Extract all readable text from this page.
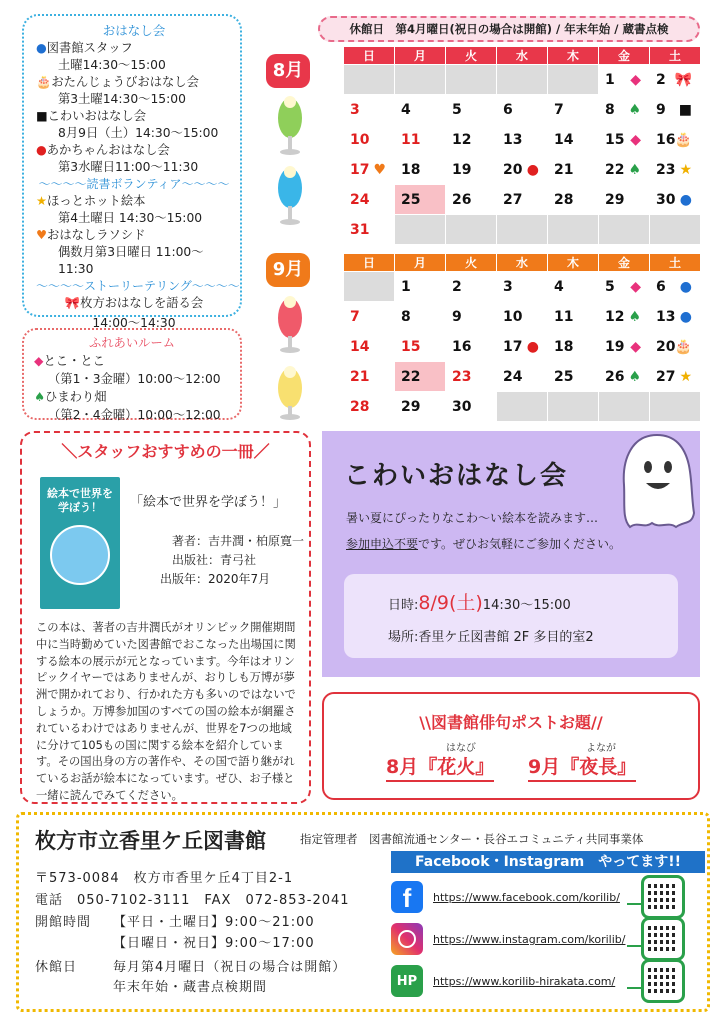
おはなし会
●図書館スタッフ
土曜14:30～15:00
🎂おたんじょうびおはなし会
第3土曜14:30～15:00
■こわいおはなし会
8月9日（土）14:30～15:00
●あかちゃんおはなし会
第3水曜日11:00～11:30
～～～～読書ボランティア～～～～
★ほっとホット絵本
第4土曜日 14:30～15:00
♥おはなしラソシド
偶数月第3日曜日 11:00～11:30
～～～～ストーリーテリング～～～～
🎀枚方おはなしを語る会
14:00～14:30
ふれあいルーム
◆とこ・とこ
（第1・3金曜）10:00～12:00
♠ひまわり畑
（第2・4金曜）10:00～12:00
休館日　第4月曜日(祝日の場合は開館) / 年末年始 / 蔵書点検
8月
9月
日	月	火	水	木	金	土
					1 ◆	2 🎀

3	4	5	6	7	8 ♠	9 ■

10	11	12	13	14	15 ◆	16 🎂

17 ♥	18	19	20 ●	21	22 ♠	23 ★

24	25	26	27	28	29	30 ●

31						
日	月	火	水	木	金	土
	1	2	3	4	5 ◆	6 ●

7	8	9	10	11	12 ♠	13 ●

14	15	16	17 ●	18	19 ◆	20 🎂

21	22	23	24	25	26 ♠	27 ★

28	29	30				
＼スタッフおすすめの一冊／
絵本で世界を学ぼう！	「絵本で世界を学ぼう！」
著者：吉井潤・柏原寛一
出版社：青弓社
出版年：2020年7月
この本は、著者の吉井潤氏がオリンピック開催期間中に当時勤めていた図書館でおこなった出場国に関する絵本の展示が元となっています。今年はオリンピックイヤーではありませんが、おりしも万博が夢洲で開かれており、行かれた方も多いのではないでしょうか。万博参加国のすべての国の絵本が網羅されているわけではありませんが、世界を7つの地域に分けて105もの国に関する絵本を紹介しています。その国出身の方の著作や、その国で語り継がれているお話が絵本になっています。ぜひ、お子様と一緒に読んでみてください。
こわいおはなし会
暑い夏にぴったりなこわ～い絵本を読みます…
参加申込不要です。ぜひお気軽にご参加ください。
日時:8/9(土)14:30～15:00
場所:香里ケ丘図書館 2F 多目的室2
\\図書館俳句ポストお題//
はなび	よなが
8月『花火』 9月『夜長』
枚方市立香里ケ丘図書館	指定管理者　図書館流通センター・長谷エコミュニティ共同事業体
〒573-0084　枚方市香里ケ丘4丁目2-1
電話　050-7102-3111　FAX　072-853-2041
開館時間 【平日・土曜日】9:00～21:00
【日曜日・祝日】9:00～17:00
休館日	毎月第4月曜日（祝日の場合は開館）
年末年始・蔵書点検期間
Facebook・Instagram　やってます!!
f	https://www.facebook.com/korilib/
https://www.instagram.com/korilib/
HP	https://www.korilib-hirakata.com/
